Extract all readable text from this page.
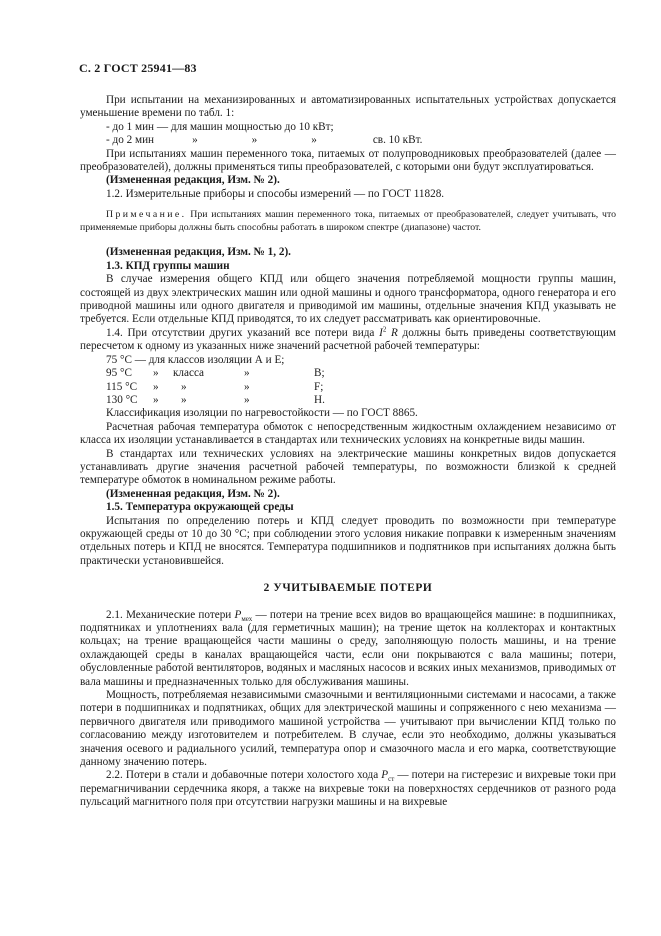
С. 2 ГОСТ 25941—83

При испытании на механизированных и автоматизированных испытательных устройствах допускается уменьшение времени по табл. 1:

- до 1 мин — для машин мощностью до 10 кВт;

- до 2 мин	»	»	»	св. 10 кВт.

При испытаниях машин переменного тока, питаемых от полупроводниковых преобразователей (далее — преобразователей), должны применяться типы преобразователей, с которыми они будут эксплуатироваться.

(Измененная редакция, Изм. № 2).

1.2. Измерительные приборы и способы измерений — по ГОСТ 11828.

Примечание. При испытаниях машин переменного тока, питаемых от преобразователей, следует учитывать, что применяемые приборы должны быть способны работать в широком спектре (диапазоне) частот.

(Измененная редакция, Изм. № 1, 2).

1.3. КПД группы машин

В случае измерения общего КПД или общего значения потребляемой мощности группы машин, состоящей из двух электрических машин или одной машины и одного трансформатора, одного генератора и его приводной машины или одного двигателя и приводимой им машины, отдельные значения КПД указывать не требуется. Если отдельные КПД приводятся, то их следует рассматривать как ориентировочные.

1.4. При отсутствии других указаний все потери вида $I^2$ R должны быть приведены соответствующим пересчетом к одному из указанных ниже значений расчетной рабочей температуры:

75 °С — для классов изоляции А и Е;

95 °С	»	класса	»	В;
115 °С	»	»	»	F;
130 °С	»	»	»	Н.

Классификация изоляции по нагревостойкости — по ГОСТ 8865.

Расчетная рабочая температура обмоток с непосредственным жидкостным охлаждением независимо от класса их изоляции устанавливается в стандартах или технических условиях на конкретные виды машин.

В стандартах или технических условиях на электрические машины конкретных видов допускается устанавливать другие значения расчетной рабочей температуры, по возможности близкой к средней температуре обмоток в номинальном режиме работы.

(Измененная редакция, Изм. № 2).

1.5. Температура окружающей среды

Испытания по определению потерь и КПД следует проводить по возможности при температуре окружающей среды от 10 до 30 °С; при соблюдении этого условия никакие поправки к измеренным значениям отдельных потерь и КПД не вносятся. Температура подшипников и подпятников при испытаниях должна быть практически установившейся.

2 УЧИТЫВАЕМЫЕ ПОТЕРИ

2.1. Механические потери $P_{мех}$ — потери на трение всех видов во вращающейся машине: в подшипниках, подпятниках и уплотнениях вала (для герметичных машин); на трение щеток на коллекторах и контактных кольцах; на трение вращающейся части машины о среду, заполняющую полость машины, и на трение охлаждающей среды в каналах вращающейся части, если они покрываются с вала машины; потери, обусловленные работой вентиляторов, водяных и масляных насосов и всяких иных механизмов, приводимых от вала машины и предназначенных только для обслуживания машины.

Мощность, потребляемая независимыми смазочными и вентиляционными системами и насосами, а также потери в подшипниках и подпятниках, общих для электрической машины и сопряженного с нею механизма — первичного двигателя или приводимого машиной устройства — учитывают при вычислении КПД только по согласованию между изготовителем и потребителем. В случае, если это необходимо, должны указываться значения осевого и радиального усилий, температура опор и смазочного масла и его марка, соответствующие данному значению потерь.

2.2. Потери в стали и добавочные потери холостого хода $P_{ст}$ — потери на гистерезис и вихревые токи при перемагничивании сердечника якоря, а также на вихревые токи на поверхностях сердечников от разного рода пульсаций магнитного поля при отсутствии нагрузки машины и на вихревые
